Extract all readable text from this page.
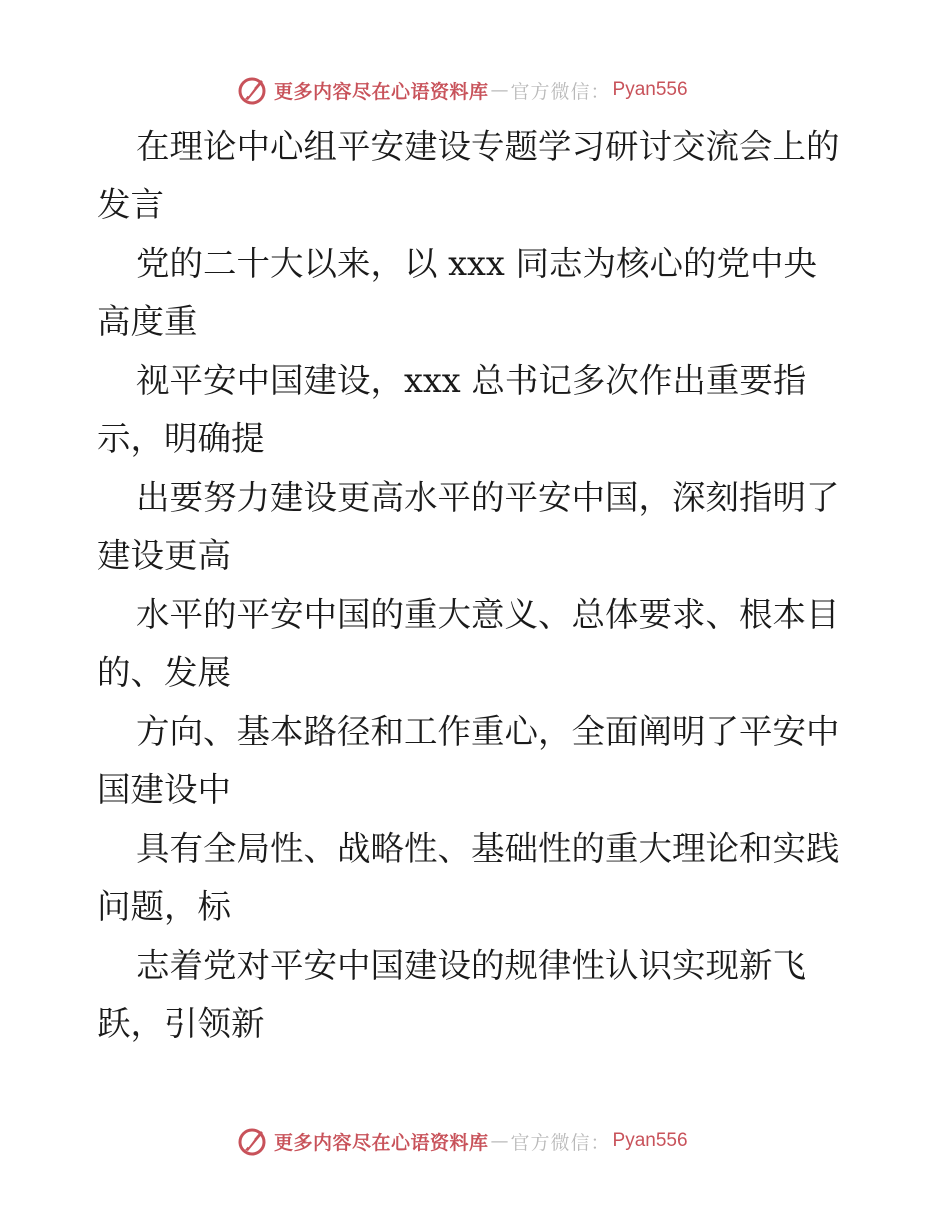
更多内容尽在心语资料库 — 官方微信： Pyan556
在理论中心组平安建设专题学习研讨交流会上的
发言
党的二十大以来，以 xxx 同志为核心的党中央
高度重
视平安中国建设，xxx 总书记多次作出重要指
示，明确提
出要努力建设更高水平的平安中国，深刻指明了
建设更高
水平的平安中国的重大意义、总体要求、根本目
的、发展
方向、基本路径和工作重心，全面阐明了平安中
国建设中
具有全局性、战略性、基础性的重大理论和实践
问题，标
志着党对平安中国建设的规律性认识实现新飞
跃，引领新
更多内容尽在心语资料库 — 官方微信： Pyan556
